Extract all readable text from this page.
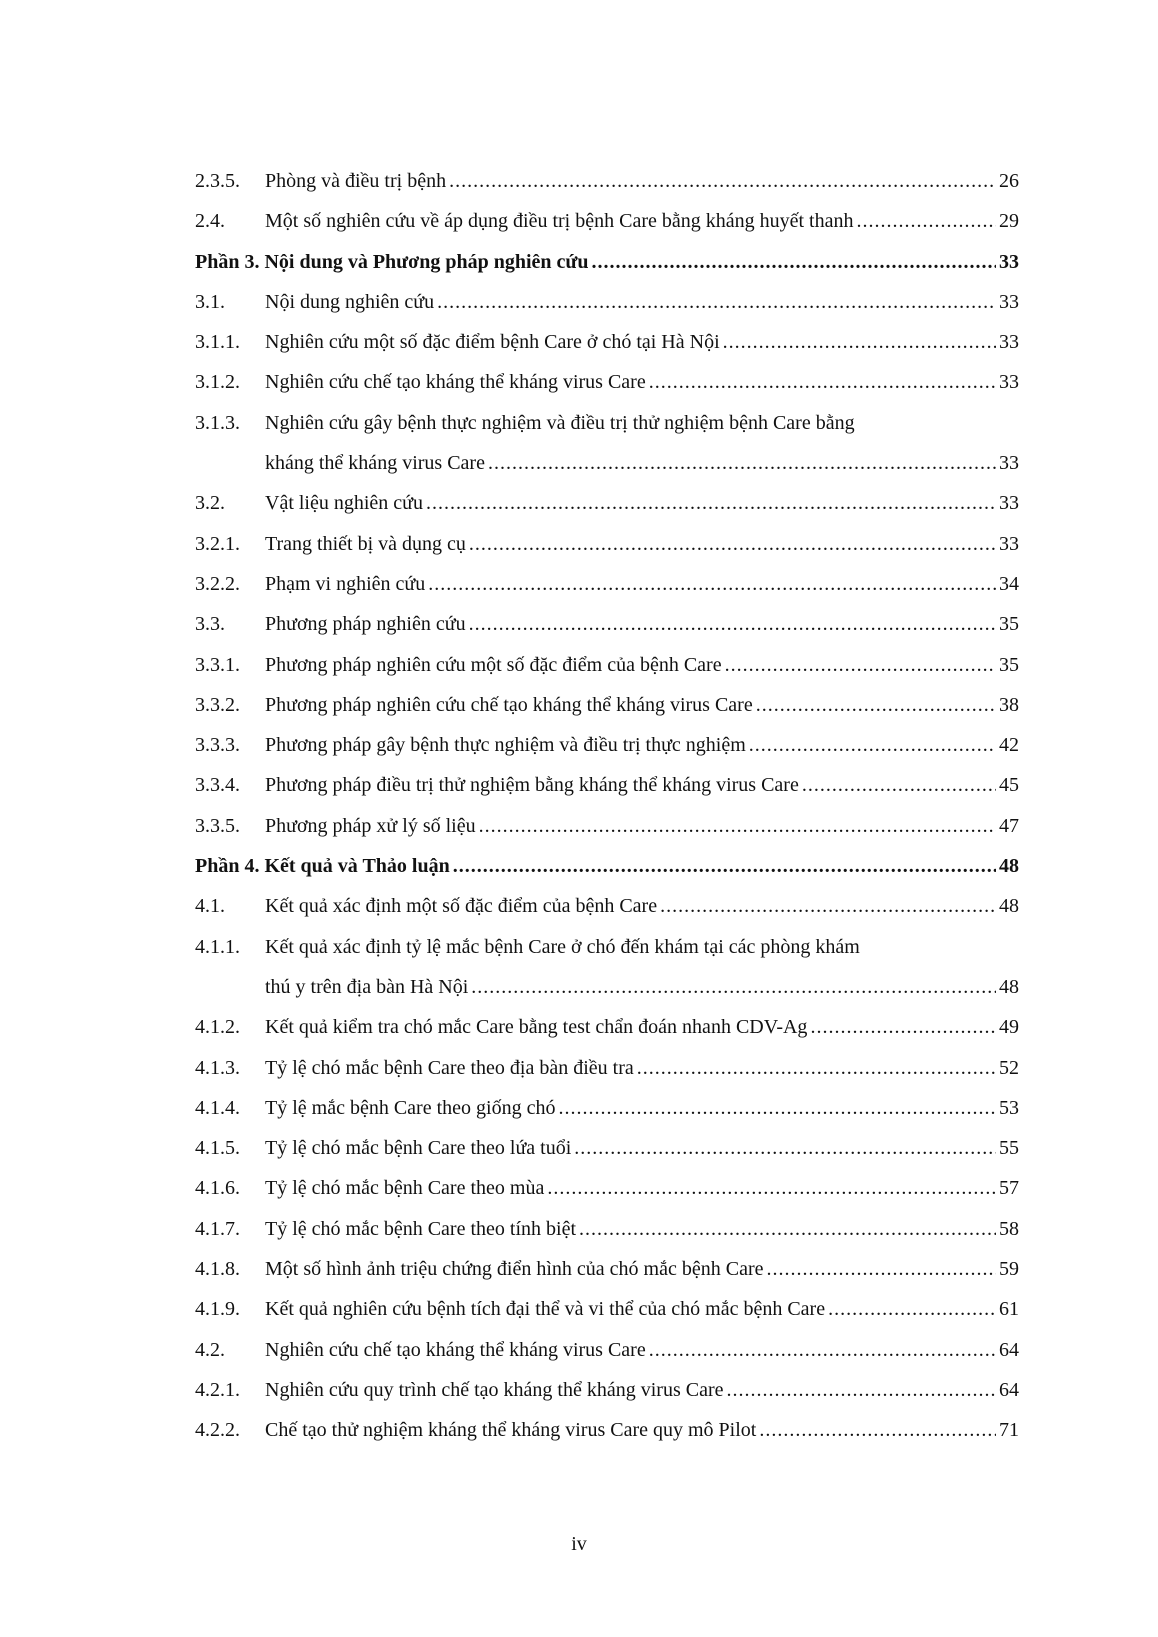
2.3.5.	Phòng và điều trị bệnh .....	26
2.4.	Một số nghiên cứu về áp dụng điều trị bệnh Care bằng kháng huyết thanh .....	29
Phần 3. Nội dung và Phương pháp nghiên cứu .....	33
3.1.	Nội dung nghiên cứu .....	33
3.1.1.	Nghiên cứu một số đặc điểm bệnh Care ở chó tại Hà Nội .....	33
3.1.2.	Nghiên cứu chế tạo kháng thể kháng virus Care .....	33
3.1.3.	Nghiên cứu gây bệnh thực nghiệm và điều trị thử nghiệm bệnh Care bằng
kháng thể kháng virus Care .....	33
3.2.	Vật liệu nghiên cứu .....	33
3.2.1.	Trang thiết bị và dụng cụ .....	33
3.2.2.	Phạm vi nghiên cứu .....	34
3.3.	Phương pháp nghiên cứu .....	35
3.3.1.	Phương pháp nghiên cứu một số đặc điểm của bệnh Care .....	35
3.3.2.	Phương pháp nghiên cứu chế tạo kháng thể kháng virus Care .....	38
3.3.3.	Phương pháp gây bệnh thực nghiệm và điều trị thực nghiệm .....	42
3.3.4.	Phương pháp điều trị thử nghiệm bằng kháng thể kháng virus Care .....	45
3.3.5.	Phương pháp xử lý số liệu .....	47
Phần 4. Kết quả và Thảo luận .....	48
4.1.	Kết quả xác định một số đặc điểm của bệnh Care .....	48
4.1.1.	Kết quả xác định tỷ lệ mắc bệnh Care ở chó đến khám tại các phòng khám
thú y trên địa bàn Hà Nội .....	48
4.1.2.	Kết quả kiểm tra chó mắc Care bằng test chẩn đoán nhanh CDV-Ag .....	49
4.1.3.	Tỷ lệ chó mắc bệnh Care theo địa bàn điều tra .....	52
4.1.4.	Tỷ lệ mắc bệnh Care theo giống chó .....	53
4.1.5.	Tỷ lệ chó mắc bệnh Care theo lứa tuổi .....	55
4.1.6.	Tỷ lệ chó mắc bệnh Care theo mùa .....	57
4.1.7.	Tỷ lệ chó mắc bệnh Care theo tính biệt .....	58
4.1.8.	Một số hình ảnh triệu chứng điển hình của chó mắc bệnh Care .....	59
4.1.9.	Kết quả nghiên cứu bệnh tích đại thể và vi thể của chó mắc bệnh Care .....	61
4.2.	Nghiên cứu chế tạo kháng thể kháng virus Care .....	64
4.2.1.	Nghiên cứu quy trình chế tạo kháng thể kháng virus Care .....	64
4.2.2.	Chế tạo thử nghiệm kháng thể kháng virus Care quy mô Pilot .....	71
iv
